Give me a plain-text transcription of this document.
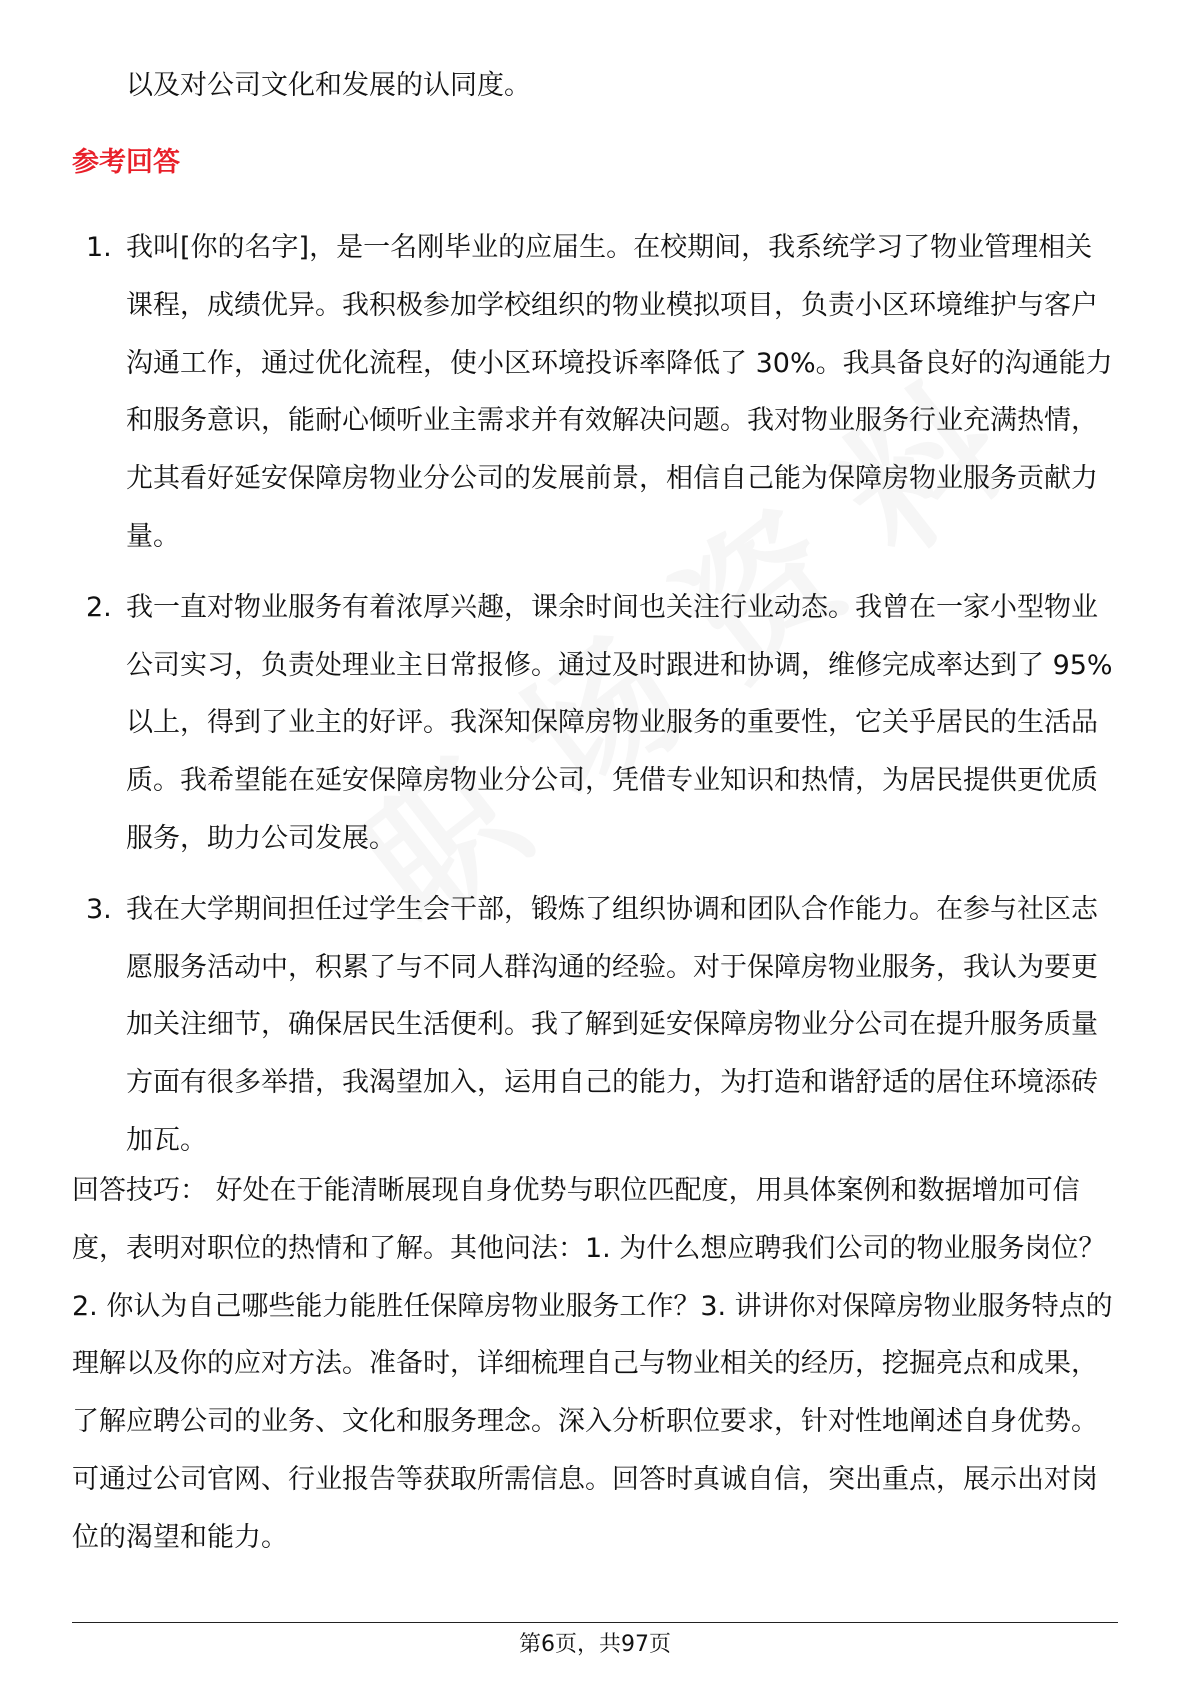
以及对公司文化和发展的认同度。
参考回答
1. 我叫[你的名字]，是一名刚毕业的应届生。在校期间，我系统学习了物业管理相关课程，成绩优异。我积极参加学校组织的物业模拟项目，负责小区环境维护与客户沟通工作，通过优化流程，使小区环境投诉率降低了 30%。我具备良好的沟通能力和服务意识，能耐心倾听业主需求并有效解决问题。我对物业服务行业充满热情，尤其看好延安保障房物业分公司的发展前景，相信自己能为保障房物业服务贡献力量。
2. 我一直对物业服务有着浓厚兴趣，课余时间也关注行业动态。我曾在一家小型物业公司实习，负责处理业主日常报修。通过及时跟进和协调，维修完成率达到了 95%以上，得到了业主的好评。我深知保障房物业服务的重要性，它关乎居民的生活品质。我希望能在延安保障房物业分公司，凭借专业知识和热情，为居民提供更优质服务，助力公司发展。
3. 我在大学期间担任过学生会干部，锻炼了组织协调和团队合作能力。在参与社区志愿服务活动中，积累了与不同人群沟通的经验。对于保障房物业服务，我认为要更加关注细节，确保居民生活便利。我了解到延安保障房物业分公司在提升服务质量方面有很多举措，我渴望加入，运用自己的能力，为打造和谐舒适的居住环境添砖加瓦。

回答技巧： 好处在于能清晰展现自身优势与职位匹配度，用具体案例和数据增加可信度，表明对职位的热情和了解。其他问法：1. 为什么想应聘我们公司的物业服务岗位？2. 你认为自己哪些能力能胜任保障房物业服务工作？3. 讲讲你对保障房物业服务特点的理解以及你的应对方法。准备时，详细梳理自己与物业相关的经历，挖掘亮点和成果，了解应聘公司的业务、文化和服务理念。深入分析职位要求，针对性地阐述自身优势。可通过公司官网、行业报告等获取所需信息。回答时真诚自信，突出重点，展示出对岗位的渴望和能力。

第6页，共97页
